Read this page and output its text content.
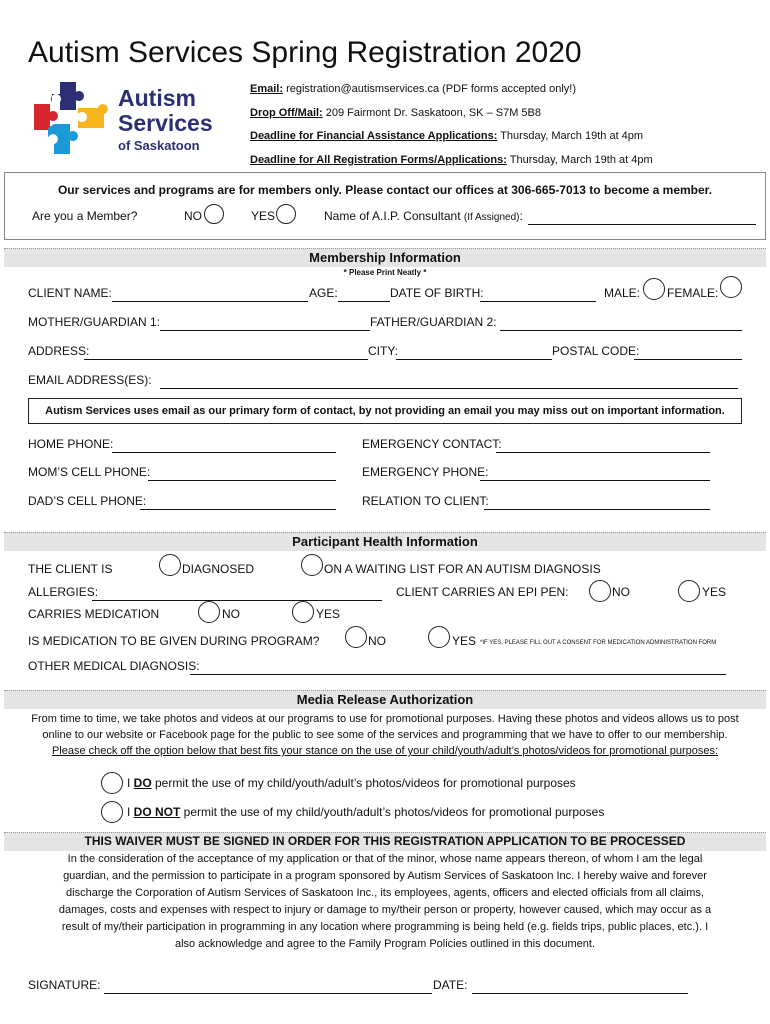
Autism Services Spring Registration 2020
Autism
Services
of Saskatoon
Email: registration@autismservices.ca (PDF forms accepted only!)
Drop Off/Mail: 209 Fairmont Dr. Saskatoon, SK – S7M 5B8
Deadline for Financial Assistance Applications: Thursday, March 19th at 4pm
Deadline for All Registration Forms/Applications: Thursday, March 19th at 4pm
Our services and programs are for members only. Please contact our offices at 306-665-7013 to become a member.
Are you a Member?	NO	YES	Name of A.I.P. Consultant (If Assigned):
Membership Information
* Please Print Neatly *
CLIENT NAME:	AGE:	DATE OF BIRTH:	MALE: FEMALE:
MOTHER/GUARDIAN 1:	FATHER/GUARDIAN 2:
ADDRESS:	CITY:	POSTAL CODE:
EMAIL ADDRESS(ES):
Autism Services uses email as our primary form of contact, by not providing an email you may miss out on important information.
HOME PHONE:	EMERGENCY CONTACT:
MOM’S CELL PHONE:	EMERGENCY PHONE:
DAD’S CELL PHONE:	RELATION TO CLIENT:
Participant Health Information
THE CLIENT IS	DIAGNOSED	ON A WAITING LIST FOR AN AUTISM DIAGNOSIS
ALLERGIES:	CLIENT CARRIES AN EPI PEN:	NO	YES
CARRIES MEDICATION	NO	YES
IS MEDICATION TO BE GIVEN DURING PROGRAM?	NO	YES *IF YES, PLEASE FILL OUT A CONSENT FOR MEDICATION ADMINISTRATION FORM
OTHER MEDICAL DIAGNOSIS:
Media Release Authorization
From time to time, we take photos and videos at our programs to use for promotional purposes. Having these photos and videos allows us to post
online to our website or Facebook page for the public to see some of the services and programming that we have to offer to our membership.
Please check off the option below that best fits your stance on the use of your child/youth/adult’s photos/videos for promotional purposes:
I DO permit the use of my child/youth/adult’s photos/videos for promotional purposes
I DO NOT permit the use of my child/youth/adult’s photos/videos for promotional purposes
THIS WAIVER MUST BE SIGNED IN ORDER FOR THIS REGISTRATION APPLICATION TO BE PROCESSED
In the consideration of the acceptance of my application or that of the minor, whose name appears thereon, of whom I am the legal
guardian, and the permission to participate in a program sponsored by Autism Services of Saskatoon Inc. I hereby waive and forever
discharge the Corporation of Autism Services of Saskatoon Inc., its employees, agents, officers and elected officials from all claims,
damages, costs and expenses with respect to injury or damage to my/their person or property, however caused, which may occur as a
result of my/their participation in programming in any location where programming is being held (e.g. fields trips, public places, etc.). I
also acknowledge and agree to the Family Program Policies outlined in this document.
SIGNATURE:	DATE:
